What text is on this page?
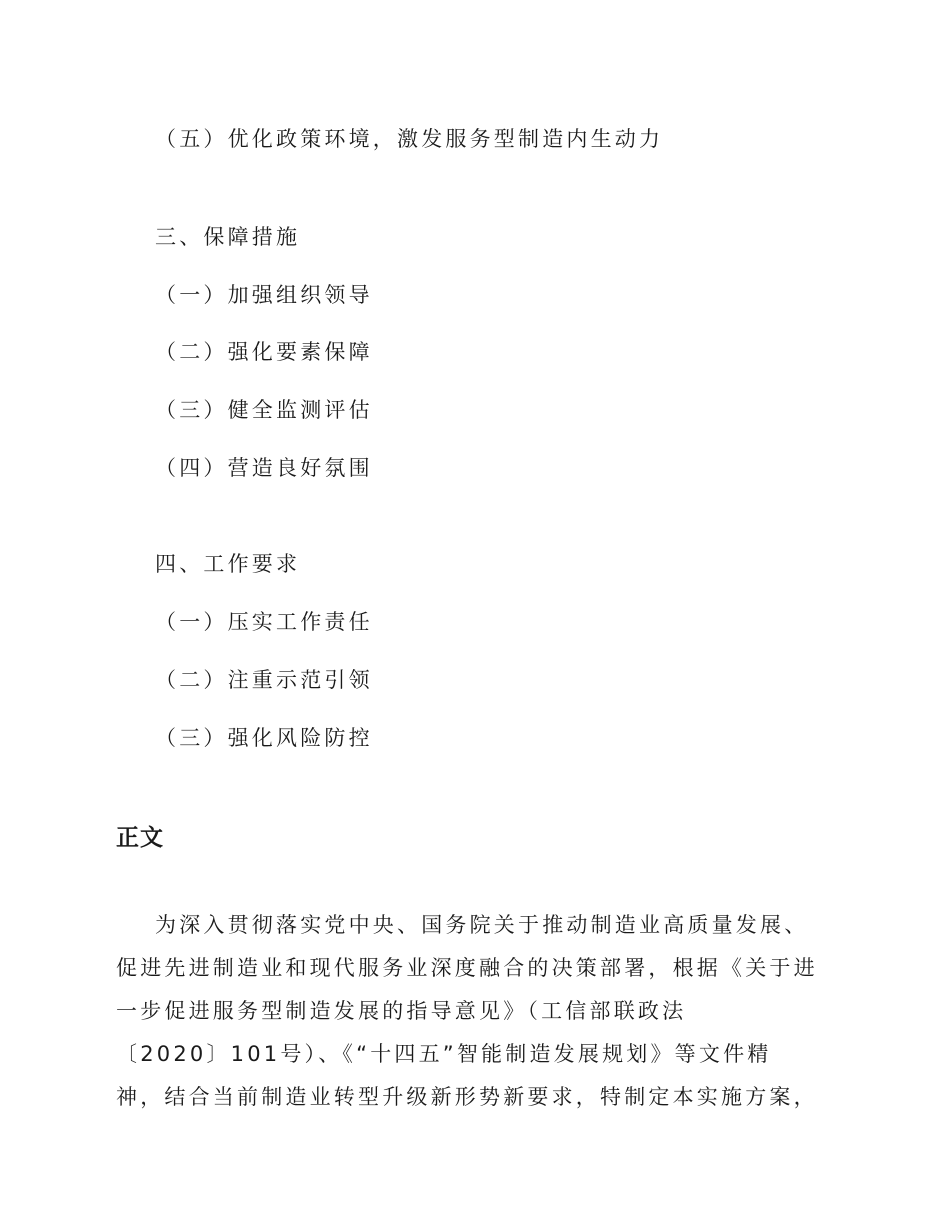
（五）优化政策环境，激发服务型制造内生动力
三、保障措施
（一）加强组织领导
（二）强化要素保障
（三）健全监测评估
（四）营造良好氛围
四、工作要求
（一）压实工作责任
（二）注重示范引领
（三）强化风险防控
正文
为深入贯彻落实党中央、国务院关于推动制造业高质量发展、
促进先进制造业和现代服务业深度融合的决策部署，根据《关于进
一步促进服务型制造发展的指导意见》（工信部联政法
〔2020〕101号）、《“十四五”智能制造发展规划》等文件精
神，结合当前制造业转型升级新形势新要求，特制定本实施方案，
